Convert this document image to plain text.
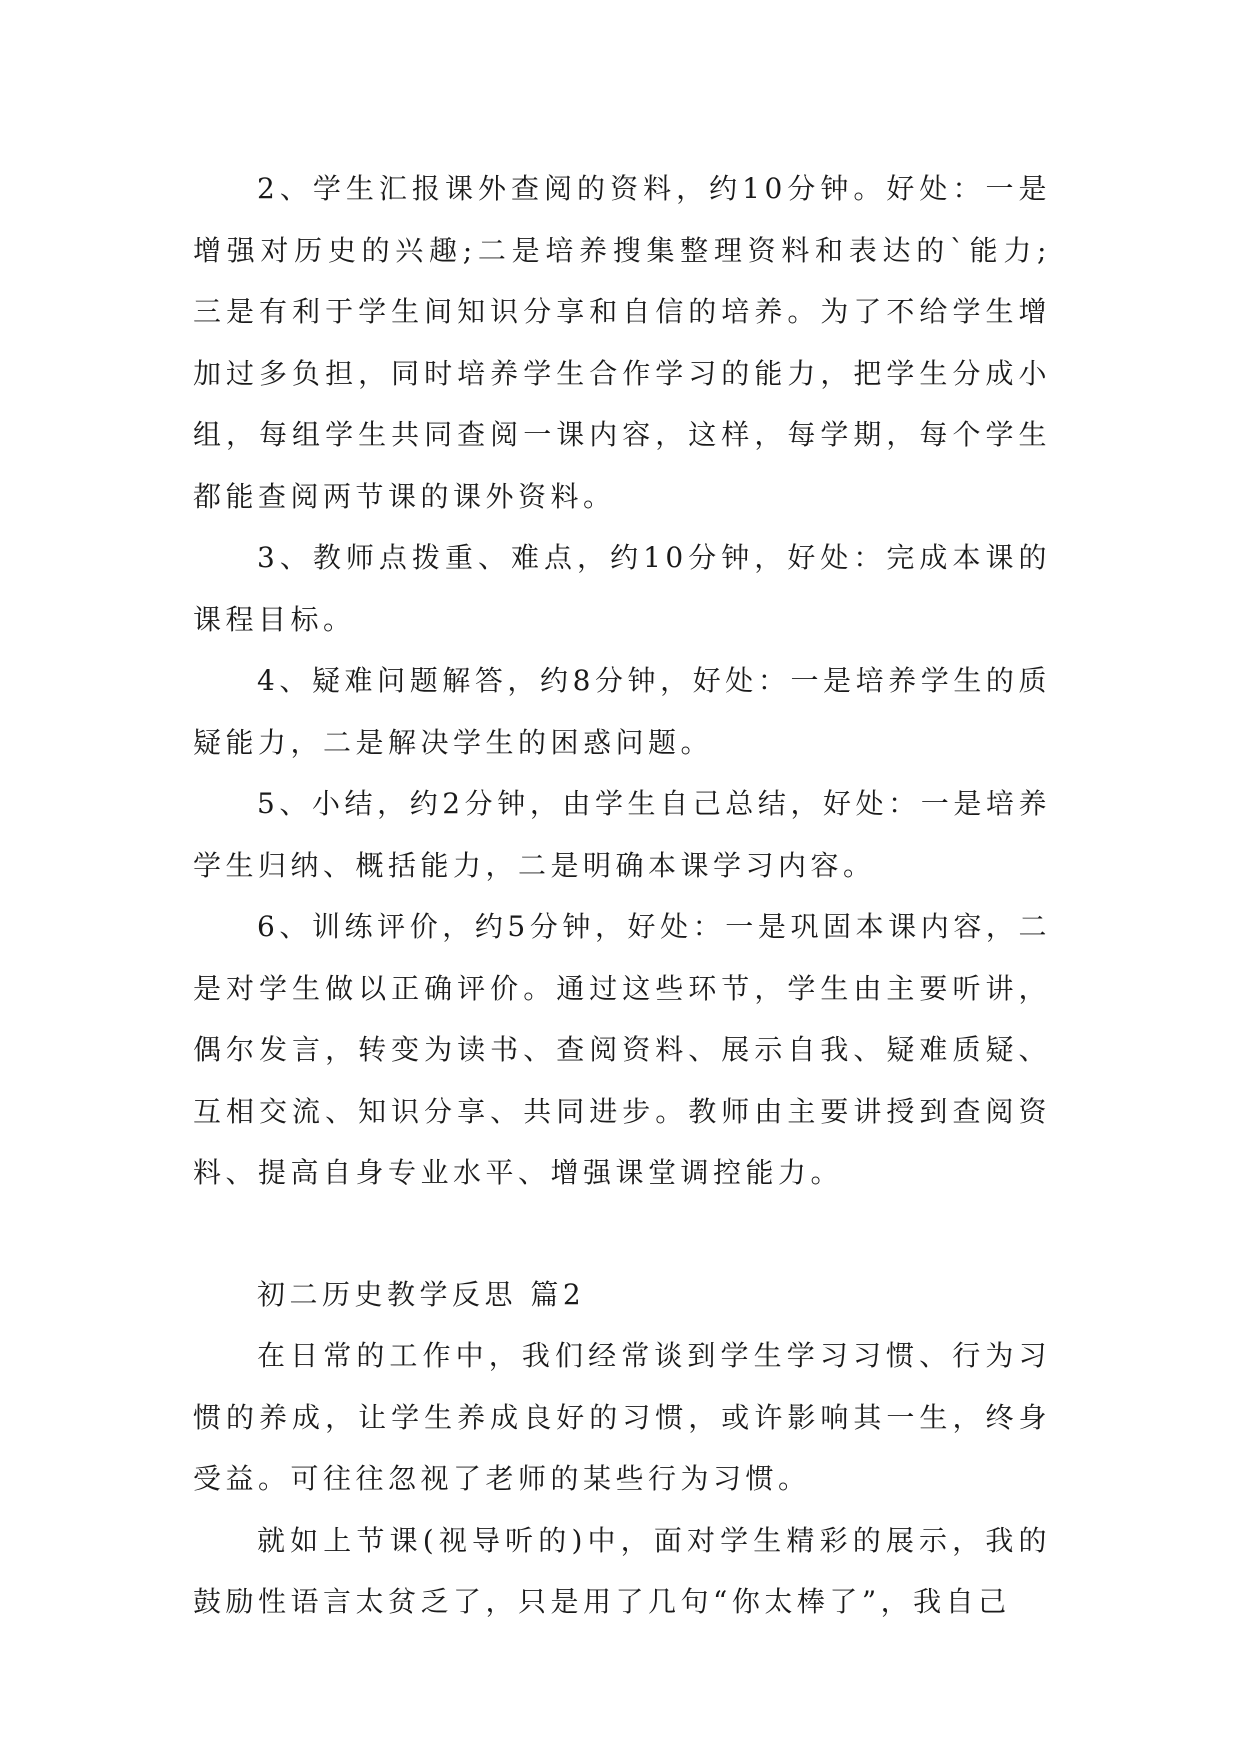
2、学生汇报课外查阅的资料，约10分钟。好处：一是增强对历史的兴趣;二是培养搜集整理资料和表达的`能力;三是有利于学生间知识分享和自信的培养。为了不给学生增加过多负担，同时培养学生合作学习的能力，把学生分成小组，每组学生共同查阅一课内容，这样，每学期，每个学生都能查阅两节课的课外资料。

3、教师点拨重、难点，约10分钟，好处：完成本课的课程目标。

4、疑难问题解答，约8分钟，好处：一是培养学生的质疑能力，二是解决学生的困惑问题。

5、小结，约2分钟，由学生自己总结，好处：一是培养学生归纳、概括能力，二是明确本课学习内容。

6、训练评价，约5分钟，好处：一是巩固本课内容，二是对学生做以正确评价。通过这些环节，学生由主要听讲，偶尔发言，转变为读书、查阅资料、展示自我、疑难质疑、互相交流、知识分享、共同进步。教师由主要讲授到查阅资料、提高自身专业水平、增强课堂调控能力。

初二历史教学反思 篇2

在日常的工作中，我们经常谈到学生学习习惯、行为习惯的养成，让学生养成良好的习惯，或许影响其一生，终身受益。可往往忽视了老师的某些行为习惯。

就如上节课(视导听的)中，面对学生精彩的展示，我的鼓励性语言太贫乏了，只是用了几句“你太棒了”，我自己
